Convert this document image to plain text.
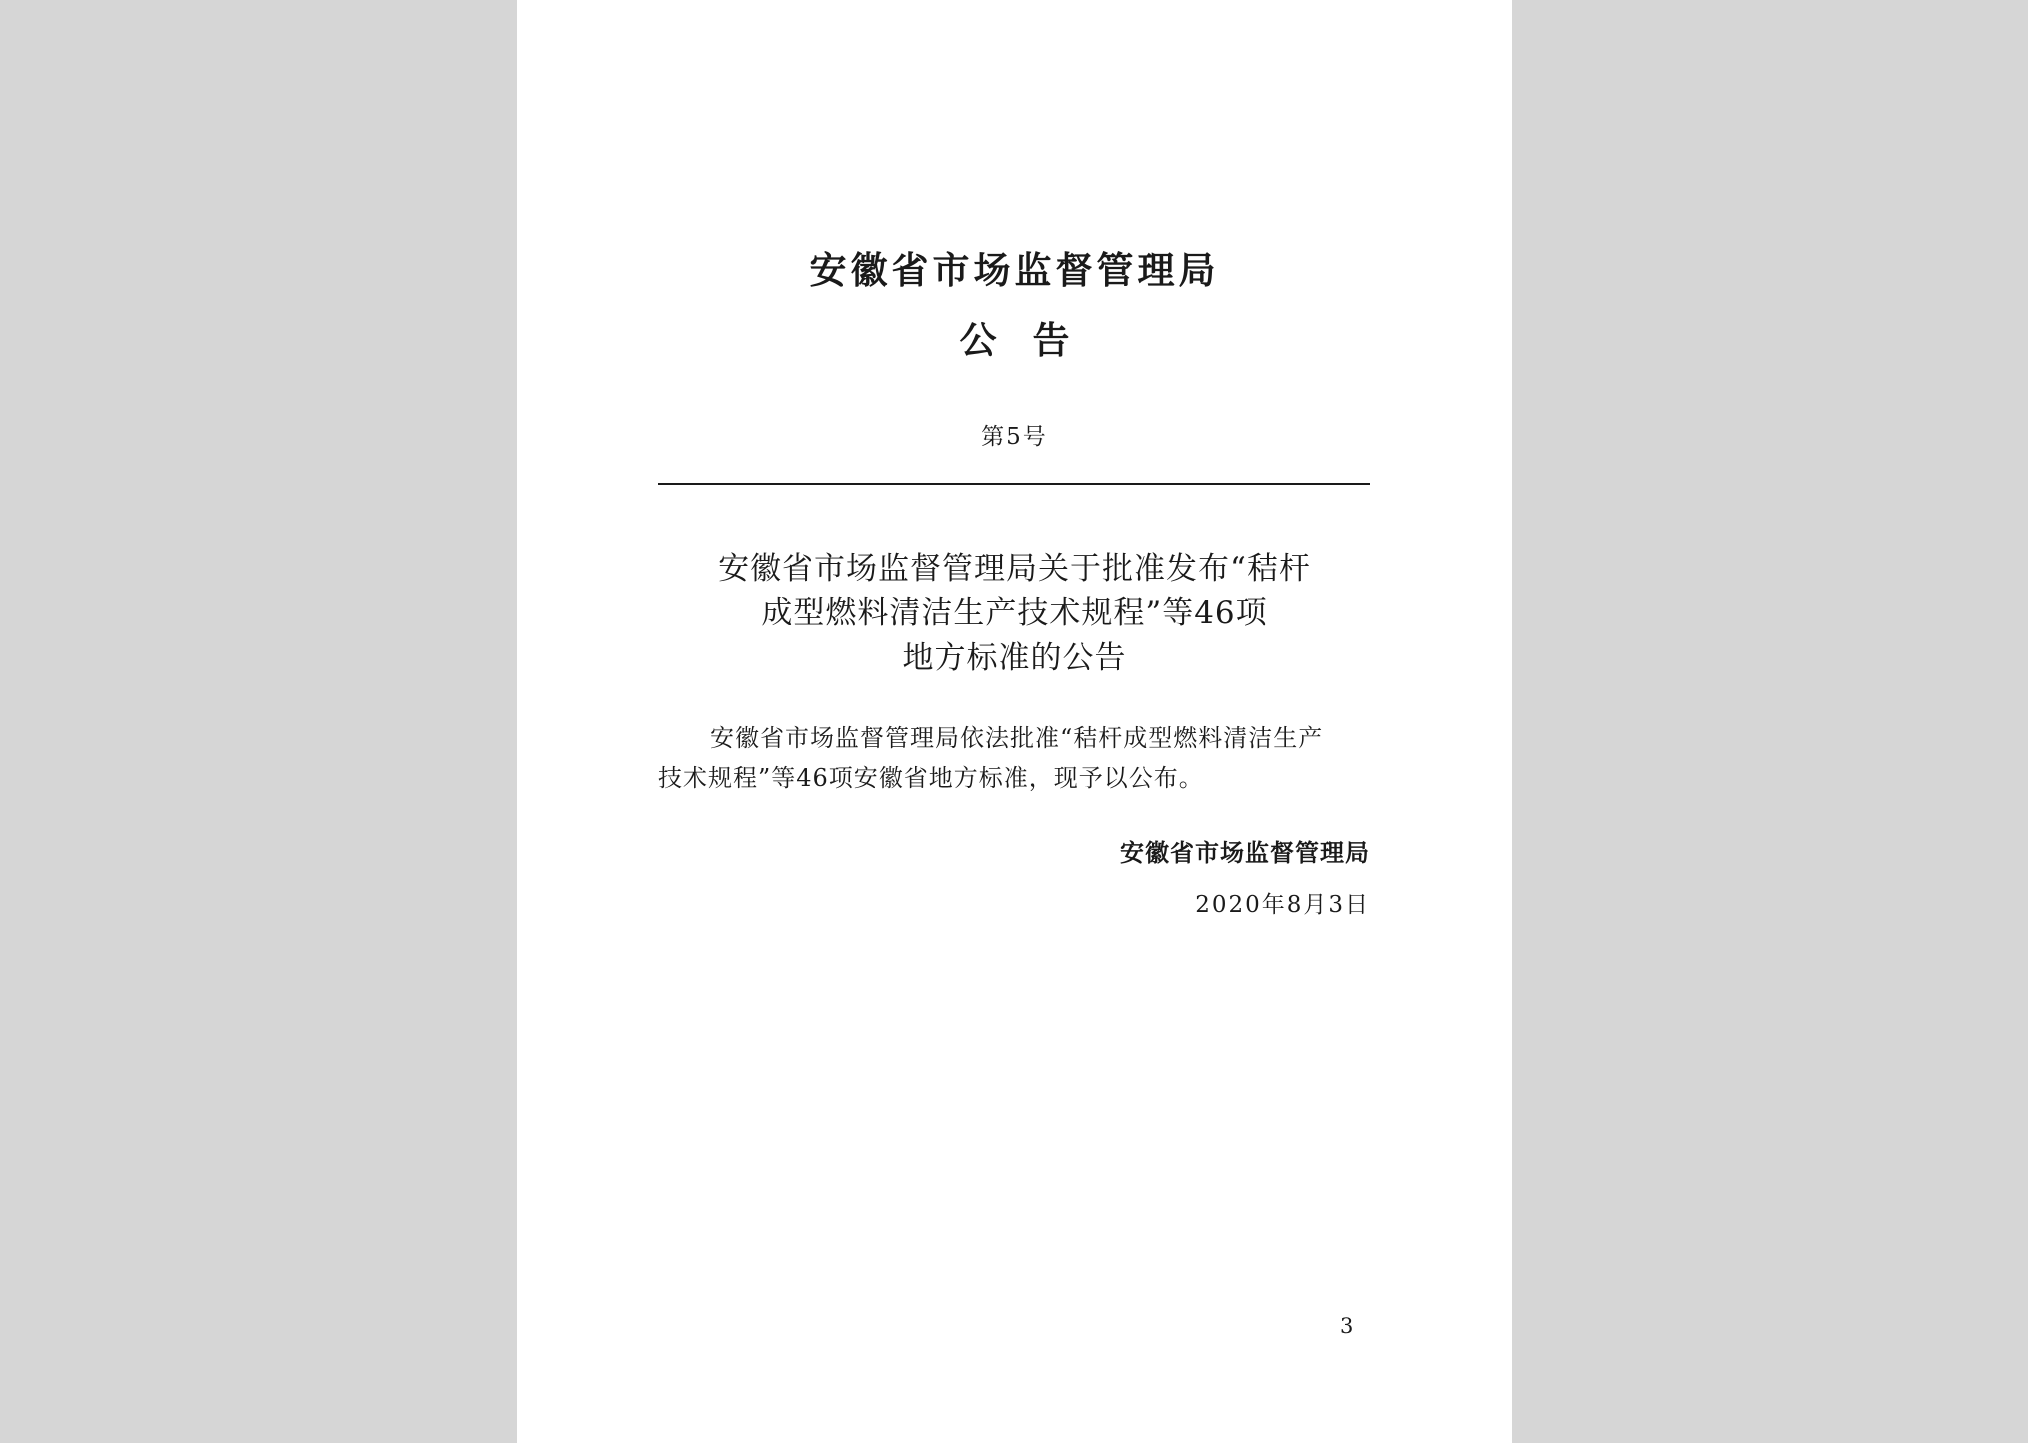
安徽省市场监督管理局
公告
第5号
安徽省市场监督管理局关于批准发布“秸杆
成型燃料清洁生产技术规程”等46项
地方标准的公告
安徽省市场监督管理局依法批准“秸杆成型燃料清洁生产
技术规程”等46项安徽省地方标准，现予以公布。
安徽省市场监督管理局
2020年8月3日
3
